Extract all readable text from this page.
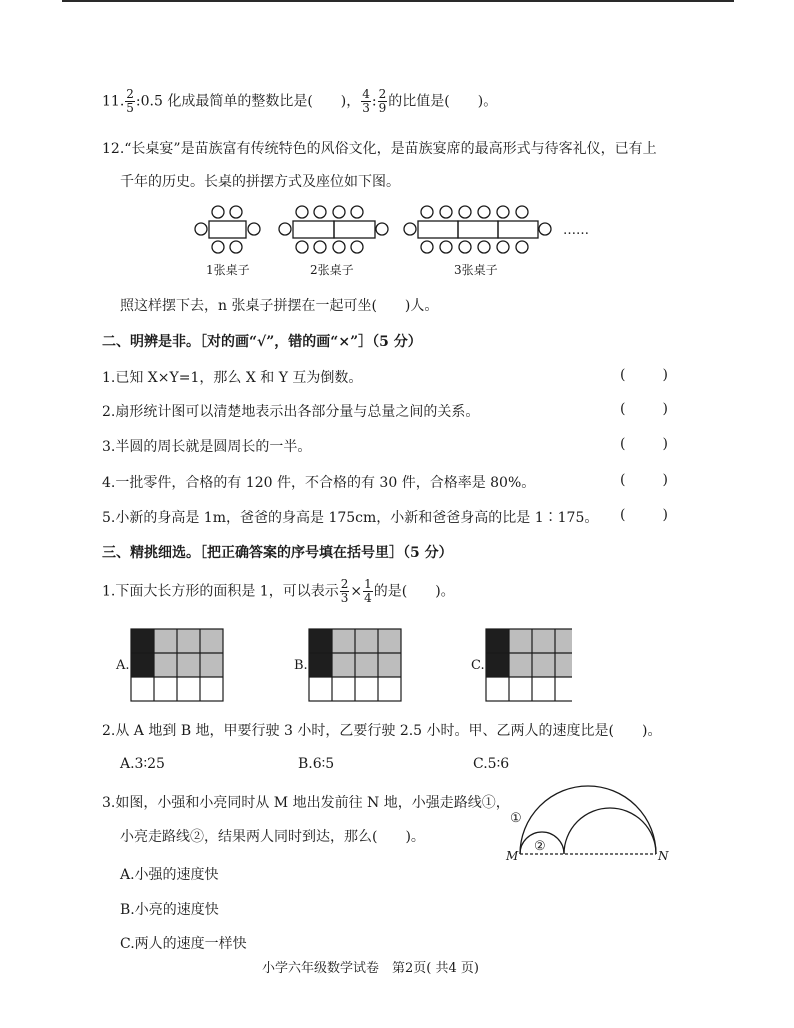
11. $\frac{2}{5}$ :0.5 化成最简单的整数比是(　　)， $\frac{4}{3}$ : $\frac{2}{9}$ 的比值是(　　)。
12.“长桌宴”是苗族富有传统特色的风俗文化，是苗族宴席的最高形式与待客礼仪，已有上
千年的历史。长桌的拼摆方式及座位如下图。
……
1张桌子	2张桌子	3张桌子
照这样摆下去，n 张桌子拼摆在一起可坐(　　)人。
二、明辨是非。［对的画“√”，错的画“×”］（5 分）
1.已知 X×Y=1，那么 X 和 Y 互为倒数。	(	)
2.扇形统计图可以清楚地表示出各部分量与总量之间的关系。	(	)
3.半圆的周长就是圆周长的一半。	(	)
4.一批零件，合格的有 120 件，不合格的有 30 件，合格率是 80%。	(	)
5.小新的身高是 1m，爸爸的身高是 175cm，小新和爸爸身高的比是 1∶175。 (	)
三、精挑细选。［把正确答案的序号填在括号里］（5 分）
1.下面大长方形的面积是 1，可以表示 $\frac{2}{3} \times \frac{1}{4}$ 的是(　　)。
A.	B.	C.
2.从 A 地到 B 地，甲要行驶 3 小时，乙要行驶 2.5 小时。甲、乙两人的速度比是(　　)。
A.3∶25	B.6∶5	C.5∶6
3.如图，小强和小亮同时从 M 地出发前往 N 地，小强走路线①，
小亮走路线②，结果两人同时到达，那么(　　)。
①
②
M	N
A.小强的速度快
B.小亮的速度快
C.两人的速度一样快
小学六年级数学试卷　第2页( 共4 页)
